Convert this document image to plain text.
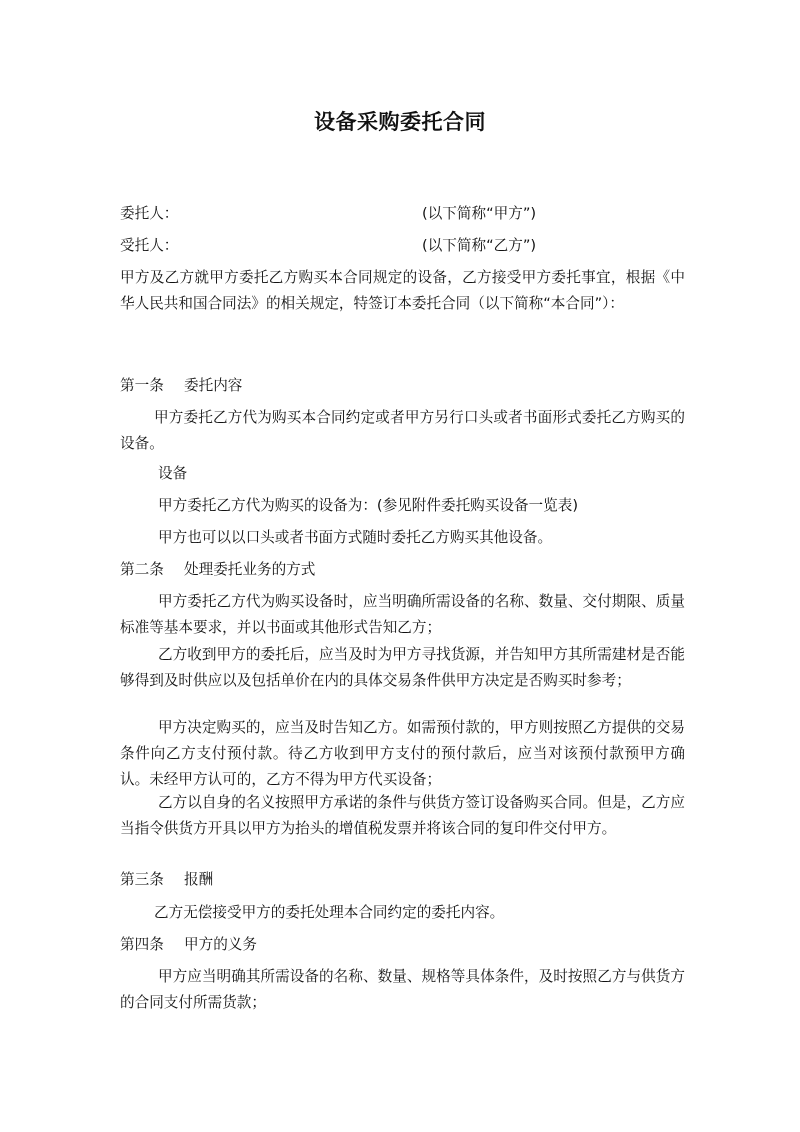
设备采购委托合同
委托人：	(以下简称“甲方”)
受托人：	(以下简称“乙方”)
甲方及乙方就甲方委托乙方购买本合同规定的设备，乙方接受甲方委托事宜，根据《中华人民共和国合同法》的相关规定，特签订本委托合同（以下简称“本合同”）：
第一条 委托内容
甲方委托乙方代为购买本合同约定或者甲方另行口头或者书面形式委托乙方购买的设备。
设备
甲方委托乙方代为购买的设备为：(参见附件委托购买设备一览表)
甲方也可以以口头或者书面方式随时委托乙方购买其他设备。
第二条 处理委托业务的方式
甲方委托乙方代为购买设备时，应当明确所需设备的名称、数量、交付期限、质量标准等基本要求，并以书面或其他形式告知乙方；
乙方收到甲方的委托后，应当及时为甲方寻找货源，并告知甲方其所需建材是否能够得到及时供应以及包括单价在内的具体交易条件供甲方决定是否购买时参考；
甲方决定购买的，应当及时告知乙方。如需预付款的，甲方则按照乙方提供的交易条件向乙方支付预付款。待乙方收到甲方支付的预付款后，应当对该预付款预甲方确认。未经甲方认可的，乙方不得为甲方代买设备；
乙方以自身的名义按照甲方承诺的条件与供货方签订设备购买合同。但是，乙方应当指令供货方开具以甲方为抬头的增值税发票并将该合同的复印件交付甲方。
第三条 报酬
乙方无偿接受甲方的委托处理本合同约定的委托内容。
第四条 甲方的义务
甲方应当明确其所需设备的名称、数量、规格等具体条件，及时按照乙方与供货方的合同支付所需货款；
